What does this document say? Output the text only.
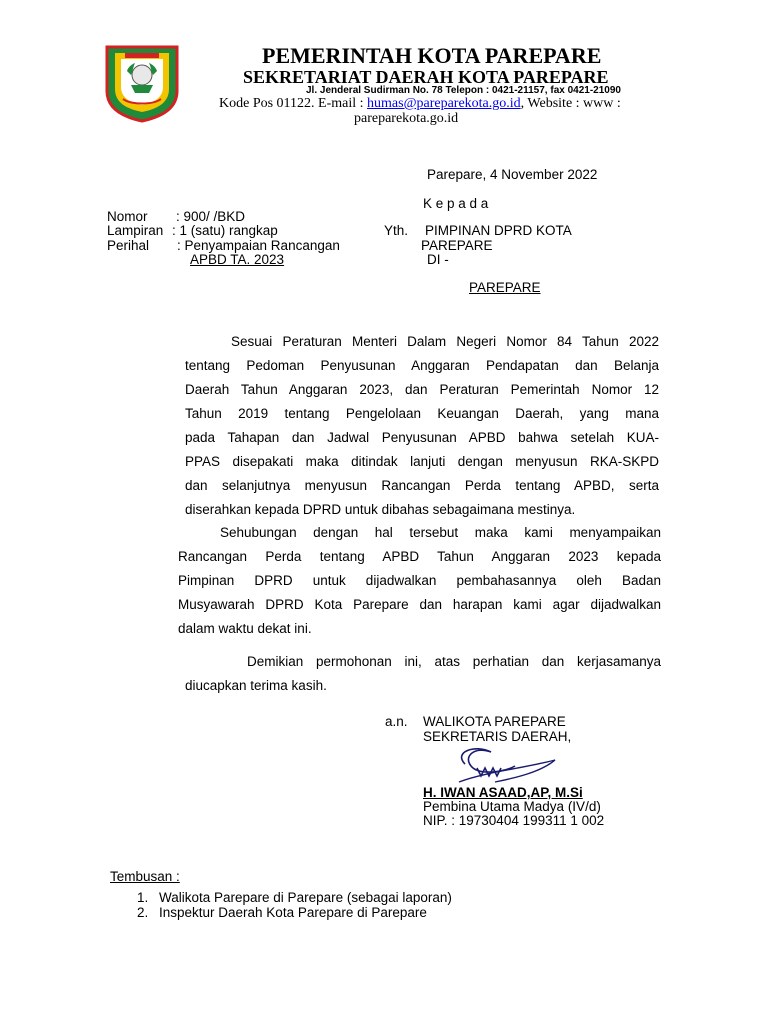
PEMERINTAH KOTA PAREPARE
SEKRETARIAT DAERAH KOTA PAREPARE
Jl. Jenderal Sudirman No. 78 Telepon : 0421-21157, fax 0421-21090
Kode Pos 01122. E-mail : humas@pareparekota.go.id, Website : www :
pareparekota.go.id
Parepare, 4 November 2022
K e p a d a
Nomor : 900/ /BKD
Lampiran : 1 (satu) rangkap
Perihal : Penyampaian Rancangan
APBD TA. 2023
Yth. PIMPINAN DPRD KOTA
PAREPARE
DI -
PAREPARE
Sesuai Peraturan Menteri Dalam Negeri Nomor 84 Tahun 2022
tentang Pedoman Penyusunan Anggaran Pendapatan dan Belanja
Daerah Tahun Anggaran 2023, dan Peraturan Pemerintah Nomor 12
Tahun 2019 tentang Pengelolaan Keuangan Daerah, yang mana
pada Tahapan dan Jadwal Penyusunan APBD bahwa setelah KUA-
PPAS disepakati maka ditindak lanjuti dengan menyusun RKA-SKPD
dan selanjutnya menyusun Rancangan Perda tentang APBD, serta
diserahkan kepada DPRD untuk dibahas sebagaimana mestinya.
Sehubungan dengan hal tersebut maka kami menyampaikan
Rancangan Perda tentang APBD Tahun Anggaran 2023 kepada
Pimpinan DPRD untuk dijadwalkan pembahasannya oleh Badan
Musyawarah DPRD Kota Parepare dan harapan kami agar dijadwalkan
dalam waktu dekat ini.
Demikian permohonan ini, atas perhatian dan kerjasamanya
diucapkan terima kasih.
a.n. WALIKOTA PAREPARE
SEKRETARIS DAERAH,
H. IWAN ASAAD,AP, M.Si
Pembina Utama Madya (IV/d)
NIP. : 19730404 199311 1 002
Tembusan :
1. Walikota Parepare di Parepare (sebagai laporan)
2. Inspektur Daerah Kota Parepare di Parepare
